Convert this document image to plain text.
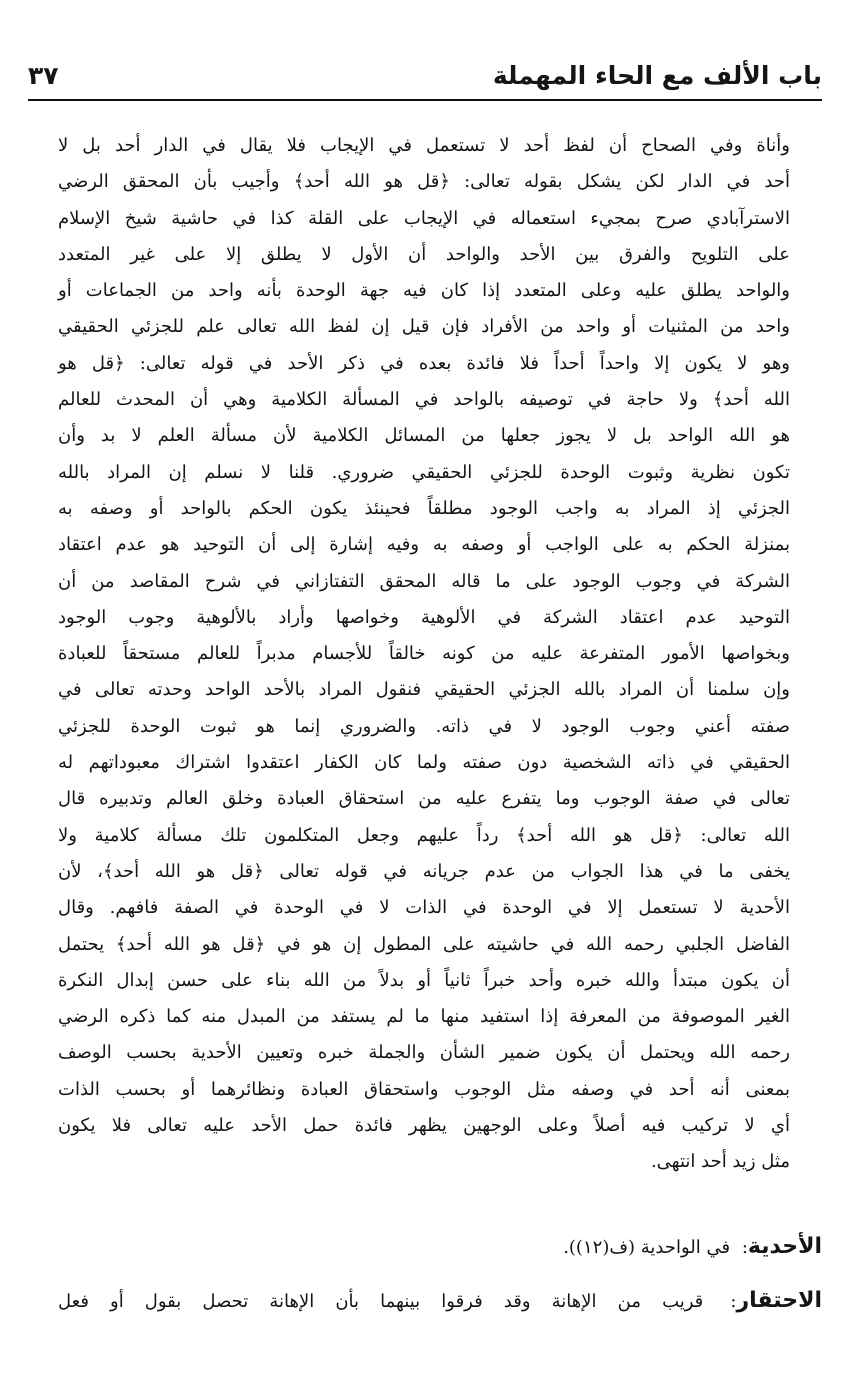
باب الألف مع الحاء المهملة
٣٧
وأناة وفي الصحاح أن لفظ أحد لا تستعمل في الإيجاب فلا يقال في الدار أحد بل لا
أحد في الدار لكن يشكل بقوله تعالى: ﴿قل هو الله أحد﴾ وأجيب بأن المحقق الرضي
الاسترآبادي صرح بمجيء استعماله في الإيجاب على القلة كذا في حاشية شيخ الإسلام
على التلويح والفرق بين الأحد والواحد أن الأول لا يطلق إلا على غير المتعدد
والواحد يطلق عليه وعلى المتعدد إذا كان فيه جهة الوحدة بأنه واحد من الجماعات أو
واحد من المثنيات أو واحد من الأفراد فإن قيل إن لفظ الله تعالى علم للجزئي الحقيقي
وهو لا يكون إلا واحداً أحداً فلا فائدة بعده في ذكر الأحد في قوله تعالى: ﴿قل هو
الله أحد﴾ ولا حاجة في توصيفه بالواحد في المسألة الكلامية وهي أن المحدث للعالم
هو الله الواحد بل لا يجوز جعلها من المسائل الكلامية لأن مسألة العلم لا بد وأن
تكون نظرية وثبوت الوحدة للجزئي الحقيقي ضروري. قلنا لا نسلم إن المراد بالله
الجزئي إذ المراد به واجب الوجود مطلقاً فحينئذ يكون الحكم بالواحد أو وصفه به
بمنزلة الحكم به على الواجب أو وصفه به وفيه إشارة إلى أن التوحيد هو عدم اعتقاد
الشركة في وجوب الوجود على ما قاله المحقق التفتازاني في شرح المقاصد من أن
التوحيد عدم اعتقاد الشركة في الألوهية وخواصها وأراد بالألوهية وجوب الوجود
وبخواصها الأمور المتفرعة عليه من كونه خالقاً للأجسام مدبراً للعالم مستحقاً للعبادة
وإن سلمنا أن المراد بالله الجزئي الحقيقي فنقول المراد بالأحد الواحد وحدته تعالى في
صفته أعني وجوب الوجود لا في ذاته. والضروري إنما هو ثبوت الوحدة للجزئي
الحقيقي في ذاته الشخصية دون صفته ولما كان الكفار اعتقدوا اشتراك معبوداتهم له
تعالى في صفة الوجوب وما يتفرع عليه من استحقاق العبادة وخلق العالم وتدبيره قال
الله تعالى: ﴿قل هو الله أحد﴾ رداً عليهم وجعل المتكلمون تلك مسألة كلامية ولا
يخفى ما في هذا الجواب من عدم جريانه في قوله تعالى ﴿قل هو الله أحد﴾، لأن
الأحدية لا تستعمل إلا في الوحدة في الذات لا في الوحدة في الصفة فافهم. وقال
الفاضل الجلبي رحمه الله في حاشيته على المطول إن هو في ﴿قل هو الله أحد﴾ يحتمل
أن يكون مبتدأ والله خبره وأحد خبراً ثانياً أو بدلاً من الله بناء على حسن إبدال النكرة
الغير الموصوفة من المعرفة إذا استفيد منها ما لم يستفد من المبدل منه كما ذكره الرضي
رحمه الله ويحتمل أن يكون ضمير الشأن والجملة خبره وتعيين الأحدية بحسب الوصف
بمعنى أنه أحد في وصفه مثل الوجوب واستحقاق العبادة ونظائرهما أو بحسب الذات
أي لا تركيب فيه أصلاً وعلى الوجهين يظهر فائدة حمل الأحد عليه تعالى فلا يكون
مثل زيد أحد انتهى.
الأحدية: في الواحدية (ف(١٢)).
الاحتقار: قريب من الإهانة وقد فرقوا بينهما بأن الإهانة تحصل بقول أو فعل
